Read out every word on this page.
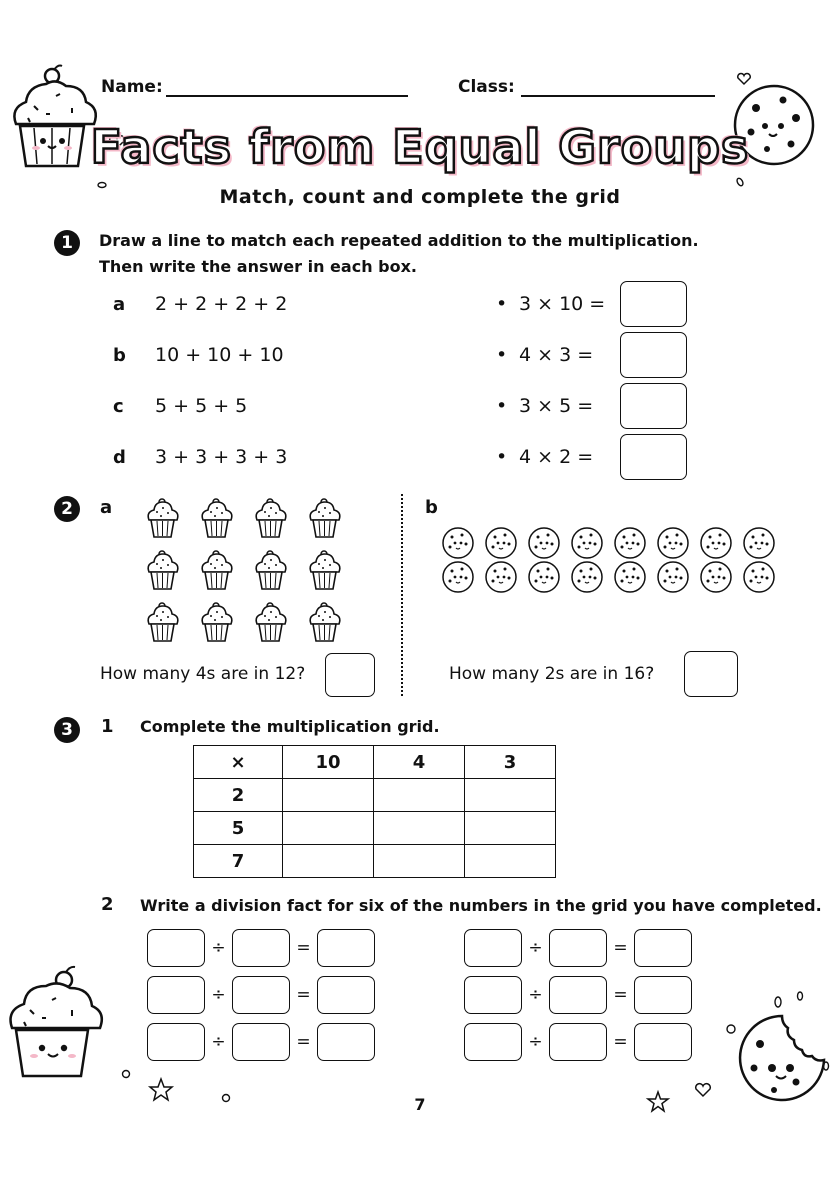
Name:	Class:
Facts from Equal Groups
Match, count and complete the grid
1	Draw a line to match each repeated addition to the multiplication.
Then write the answer in each box.
a 2 + 2 + 2 + 2	• 3 × 10 =
b 10 + 10 + 10	• 4 × 3 =
c 5 + 5 + 5	• 3 × 5 =
d 3 + 3 + 3 + 3	• 4 × 2 =
2	a
How many 4s are in 12?
b
How many 2s are in 16?
3	1 Complete the multiplication grid.
×	10	4	3
2			
5			
7			
2 Write a division fact for six of the numbers in the grid you have completed.
÷	=
÷	=
÷	=
÷	=
÷	=
÷	=
7
